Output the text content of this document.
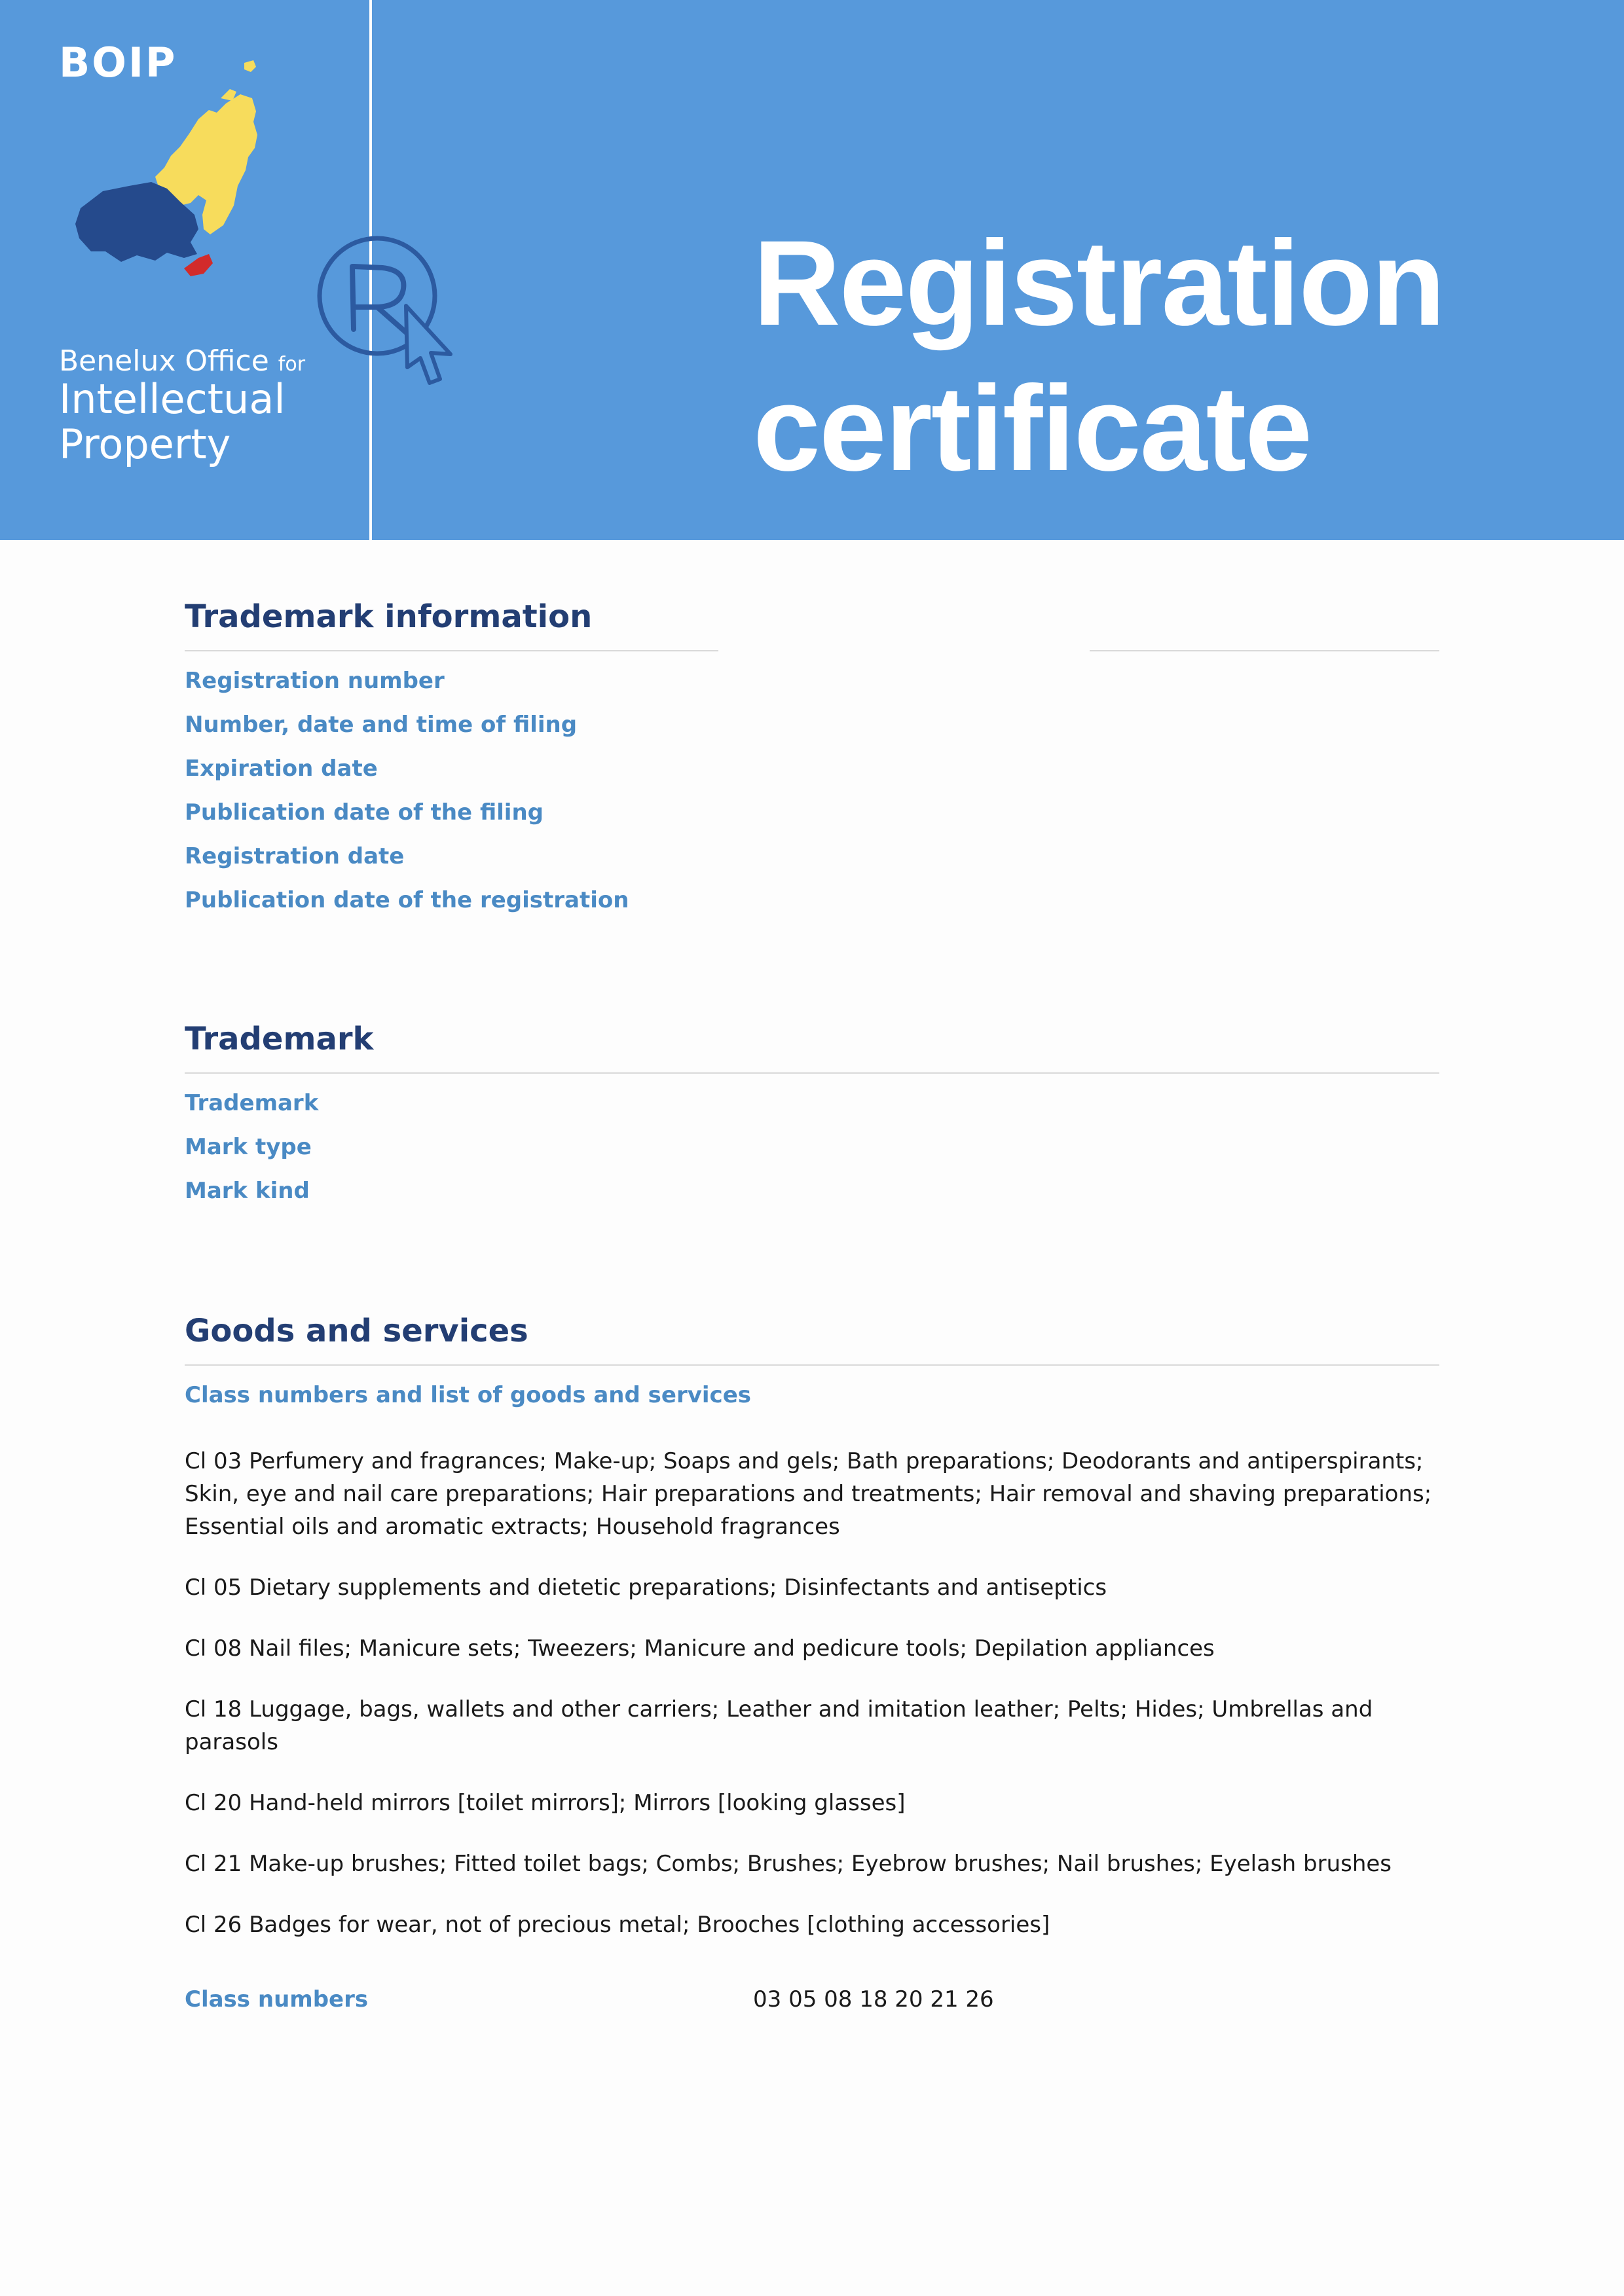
BOIP
Benelux Office for
Intellectual
Property
Registration
certificate
Trademark information

Registration number

Number, date and time of filing

Expiration date

Publication date of the filing

Registration date

Publication date of the registration

Trademark

Trademark

Mark type

Mark kind

Goods and services

Class numbers and list of goods and services

Cl 03 Perfumery and fragrances; Make-up; Soaps and gels; Bath preparations; Deodorants and antiperspirants; Skin, eye and nail care preparations; Hair preparations and treatments; Hair removal and shaving preparations; Essential oils and aromatic extracts; Household fragrances

Cl 05 Dietary supplements and dietetic preparations; Disinfectants and antiseptics

Cl 08 Nail files; Manicure sets; Tweezers; Manicure and pedicure tools; Depilation appliances

Cl 18 Luggage, bags, wallets and other carriers; Leather and imitation leather; Pelts; Hides; Umbrellas and parasols

Cl 20 Hand-held mirrors [toilet mirrors]; Mirrors [looking glasses]

Cl 21 Make-up brushes; Fitted toilet bags; Combs; Brushes; Eyebrow brushes; Nail brushes; Eyelash brushes

Cl 26 Badges for wear, not of precious metal; Brooches [clothing accessories]

Class numbers	03 05 08 18 20 21 26
